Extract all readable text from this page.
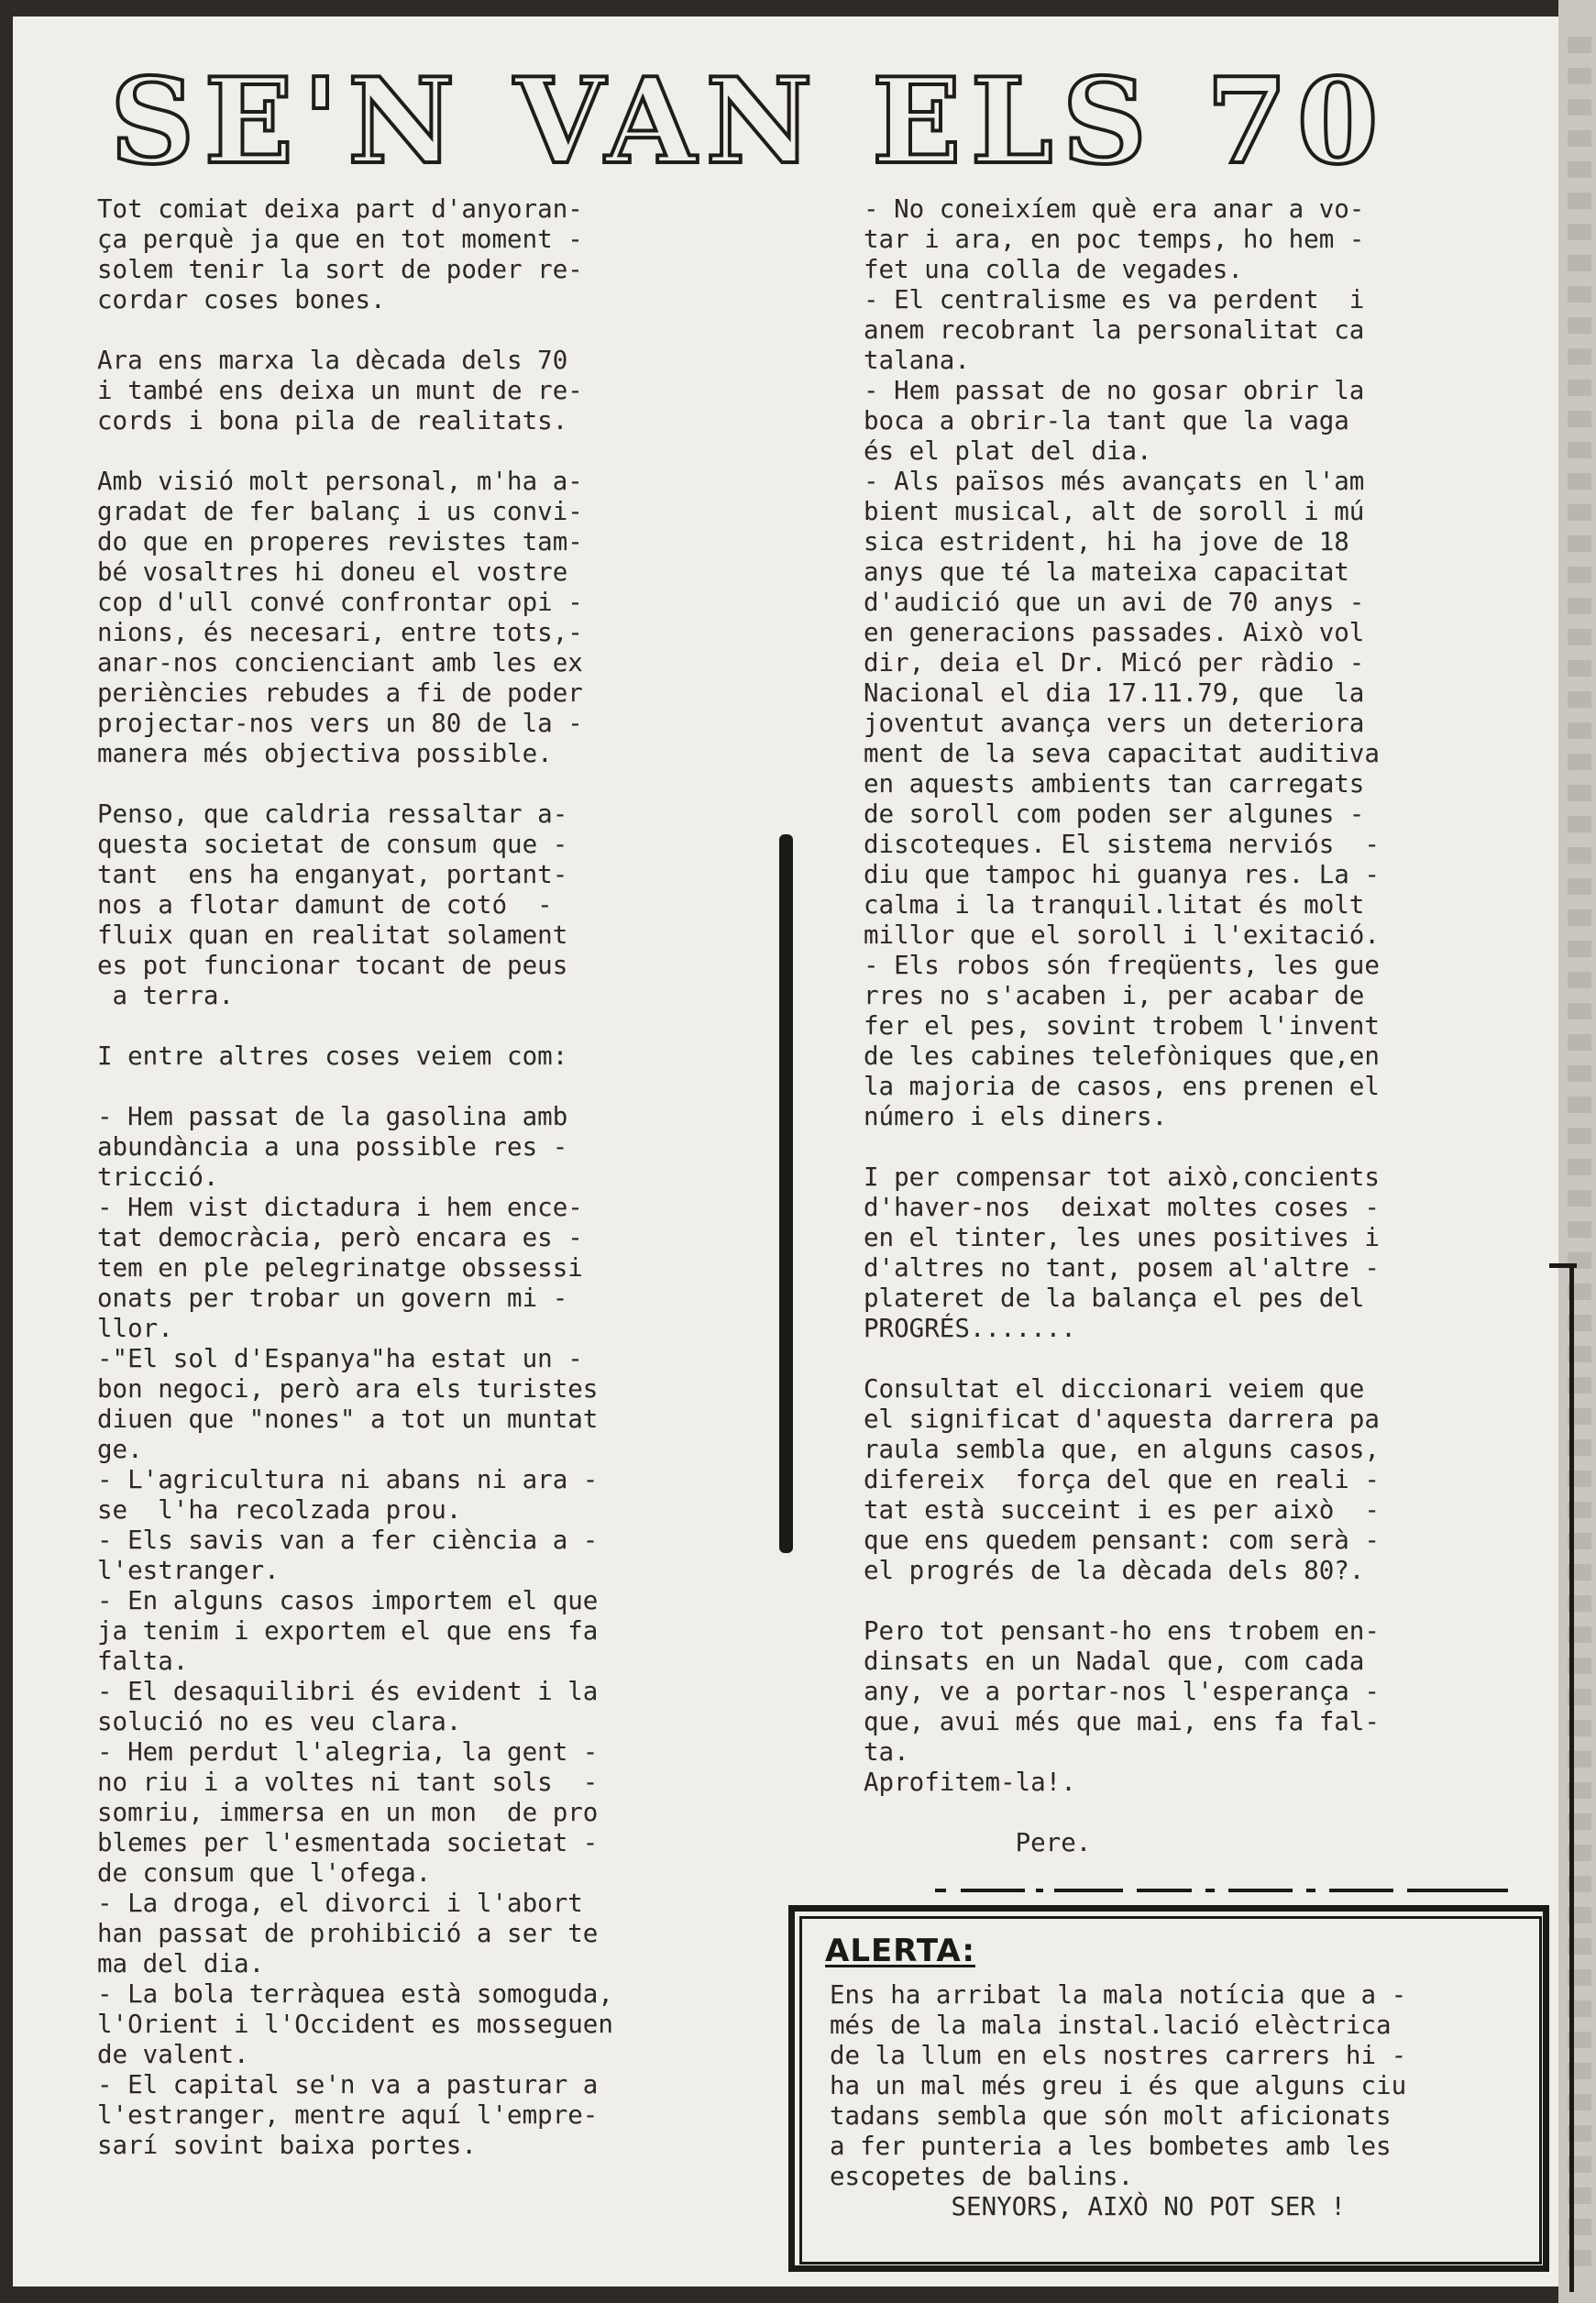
SE'N VAN ELS 70
Tot comiat deixa part d'anyoran-
ça perquè ja que en tot moment -
solem tenir la sort de poder re-
cordar coses bones.

Ara ens marxa la dècada dels 70
i també ens deixa un munt de re-
cords i bona pila de realitats.

Amb visió molt personal, m'ha a-
gradat de fer balanç i us convi-
do que en properes revistes tam-
bé vosaltres hi doneu el vostre
cop d'ull convé confrontar opi -
nions, és necesari, entre tots,-
anar-nos concienciant amb les ex
periències rebudes a fi de poder
projectar-nos vers un 80 de la -
manera més objectiva possible.

Penso, que caldria ressaltar a-
questa societat de consum que -
tant  ens ha enganyat, portant-
nos a flotar damunt de cotó  -
fluix quan en realitat solament
es pot funcionar tocant de peus
a terra.

I entre altres coses veiem com:

- Hem passat de la gasolina amb
abundància a una possible res -
tricció.
- Hem vist dictadura i hem ence-
tat democràcia, però encara es -
tem en ple pelegrinatge obssessi
onats per trobar un govern mi -
llor.
-"El sol d'Espanya"ha estat un -
bon negoci, però ara els turistes
diuen que "nones" a tot un muntat
ge.
- L'agricultura ni abans ni ara -
se  l'ha recolzada prou.
- Els savis van a fer ciència a -
l'estranger.
- En alguns casos importem el que
ja tenim i exportem el que ens fa
falta.
- El desaquilibri és evident i la
solució no es veu clara.
- Hem perdut l'alegria, la gent -
no riu i a voltes ni tant sols  -
somriu, immersa en un mon  de pro
blemes per l'esmentada societat -
de consum que l'ofega.
- La droga, el divorci i l'abort
han passat de prohibició a ser te
ma del dia.
- La bola terràquea està somoguda,
l'Orient i l'Occident es mosseguen
de valent.
- El capital se'n va a pasturar a
l'estranger, mentre aquí l'empre-
sarí sovint baixa portes.
- No coneixíem què era anar a vo-
tar i ara, en poc temps, ho hem -
fet una colla de vegades.
- El centralisme es va perdent  i
anem recobrant la personalitat ca
talana.
- Hem passat de no gosar obrir la
boca a obrir-la tant que la vaga
és el plat del dia.
- Als països més avançats en l'am
bient musical, alt de soroll i mú
sica estrident, hi ha jove de 18
anys que té la mateixa capacitat
d'audició que un avi de 70 anys -
en generacions passades. Això vol
dir, deia el Dr. Micó per ràdio -
Nacional el dia 17.11.79, que  la
joventut avança vers un deteriora
ment de la seva capacitat auditiva
en aquests ambients tan carregats
de soroll com poden ser algunes -
discoteques. El sistema nerviós  -
diu que tampoc hi guanya res. La -
calma i la tranquil.litat és molt
millor que el soroll i l'exitació.
- Els robos són freqüents, les gue
rres no s'acaben i, per acabar de
fer el pes, sovint trobem l'invent
de les cabines telefòniques que,en
la majoria de casos, ens prenen el
número i els diners.

I per compensar tot això,concients
d'haver-nos  deixat moltes coses -
en el tinter, les unes positives i
d'altres no tant, posem al'altre -
plateret de la balança el pes del
PROGRÉS.......

Consultat el diccionari veiem que
el significat d'aquesta darrera pa
raula sembla que, en alguns casos,
difereix  força del que en reali -
tat està succeint i es per això  -
que ens quedem pensant: com serà -
el progrés de la dècada dels 80?.

Pero tot pensant-ho ens trobem en-
dinsats en un Nadal que, com cada
any, ve a portar-nos l'esperança -
que, avui més que mai, ens fa fal-
ta.
Aprofitem-la!.

Pere.
ALERTA:
Ens ha arribat la mala notícia que a -
més de la mala instal.lació elèctrica
de la llum en els nostres carrers hi -
ha un mal més greu i és que alguns ciu
tadans sembla que són molt aficionats
a fer punteria a les bombetes amb les
escopetes de balins.
SENYORS, AIXÒ NO POT SER !
